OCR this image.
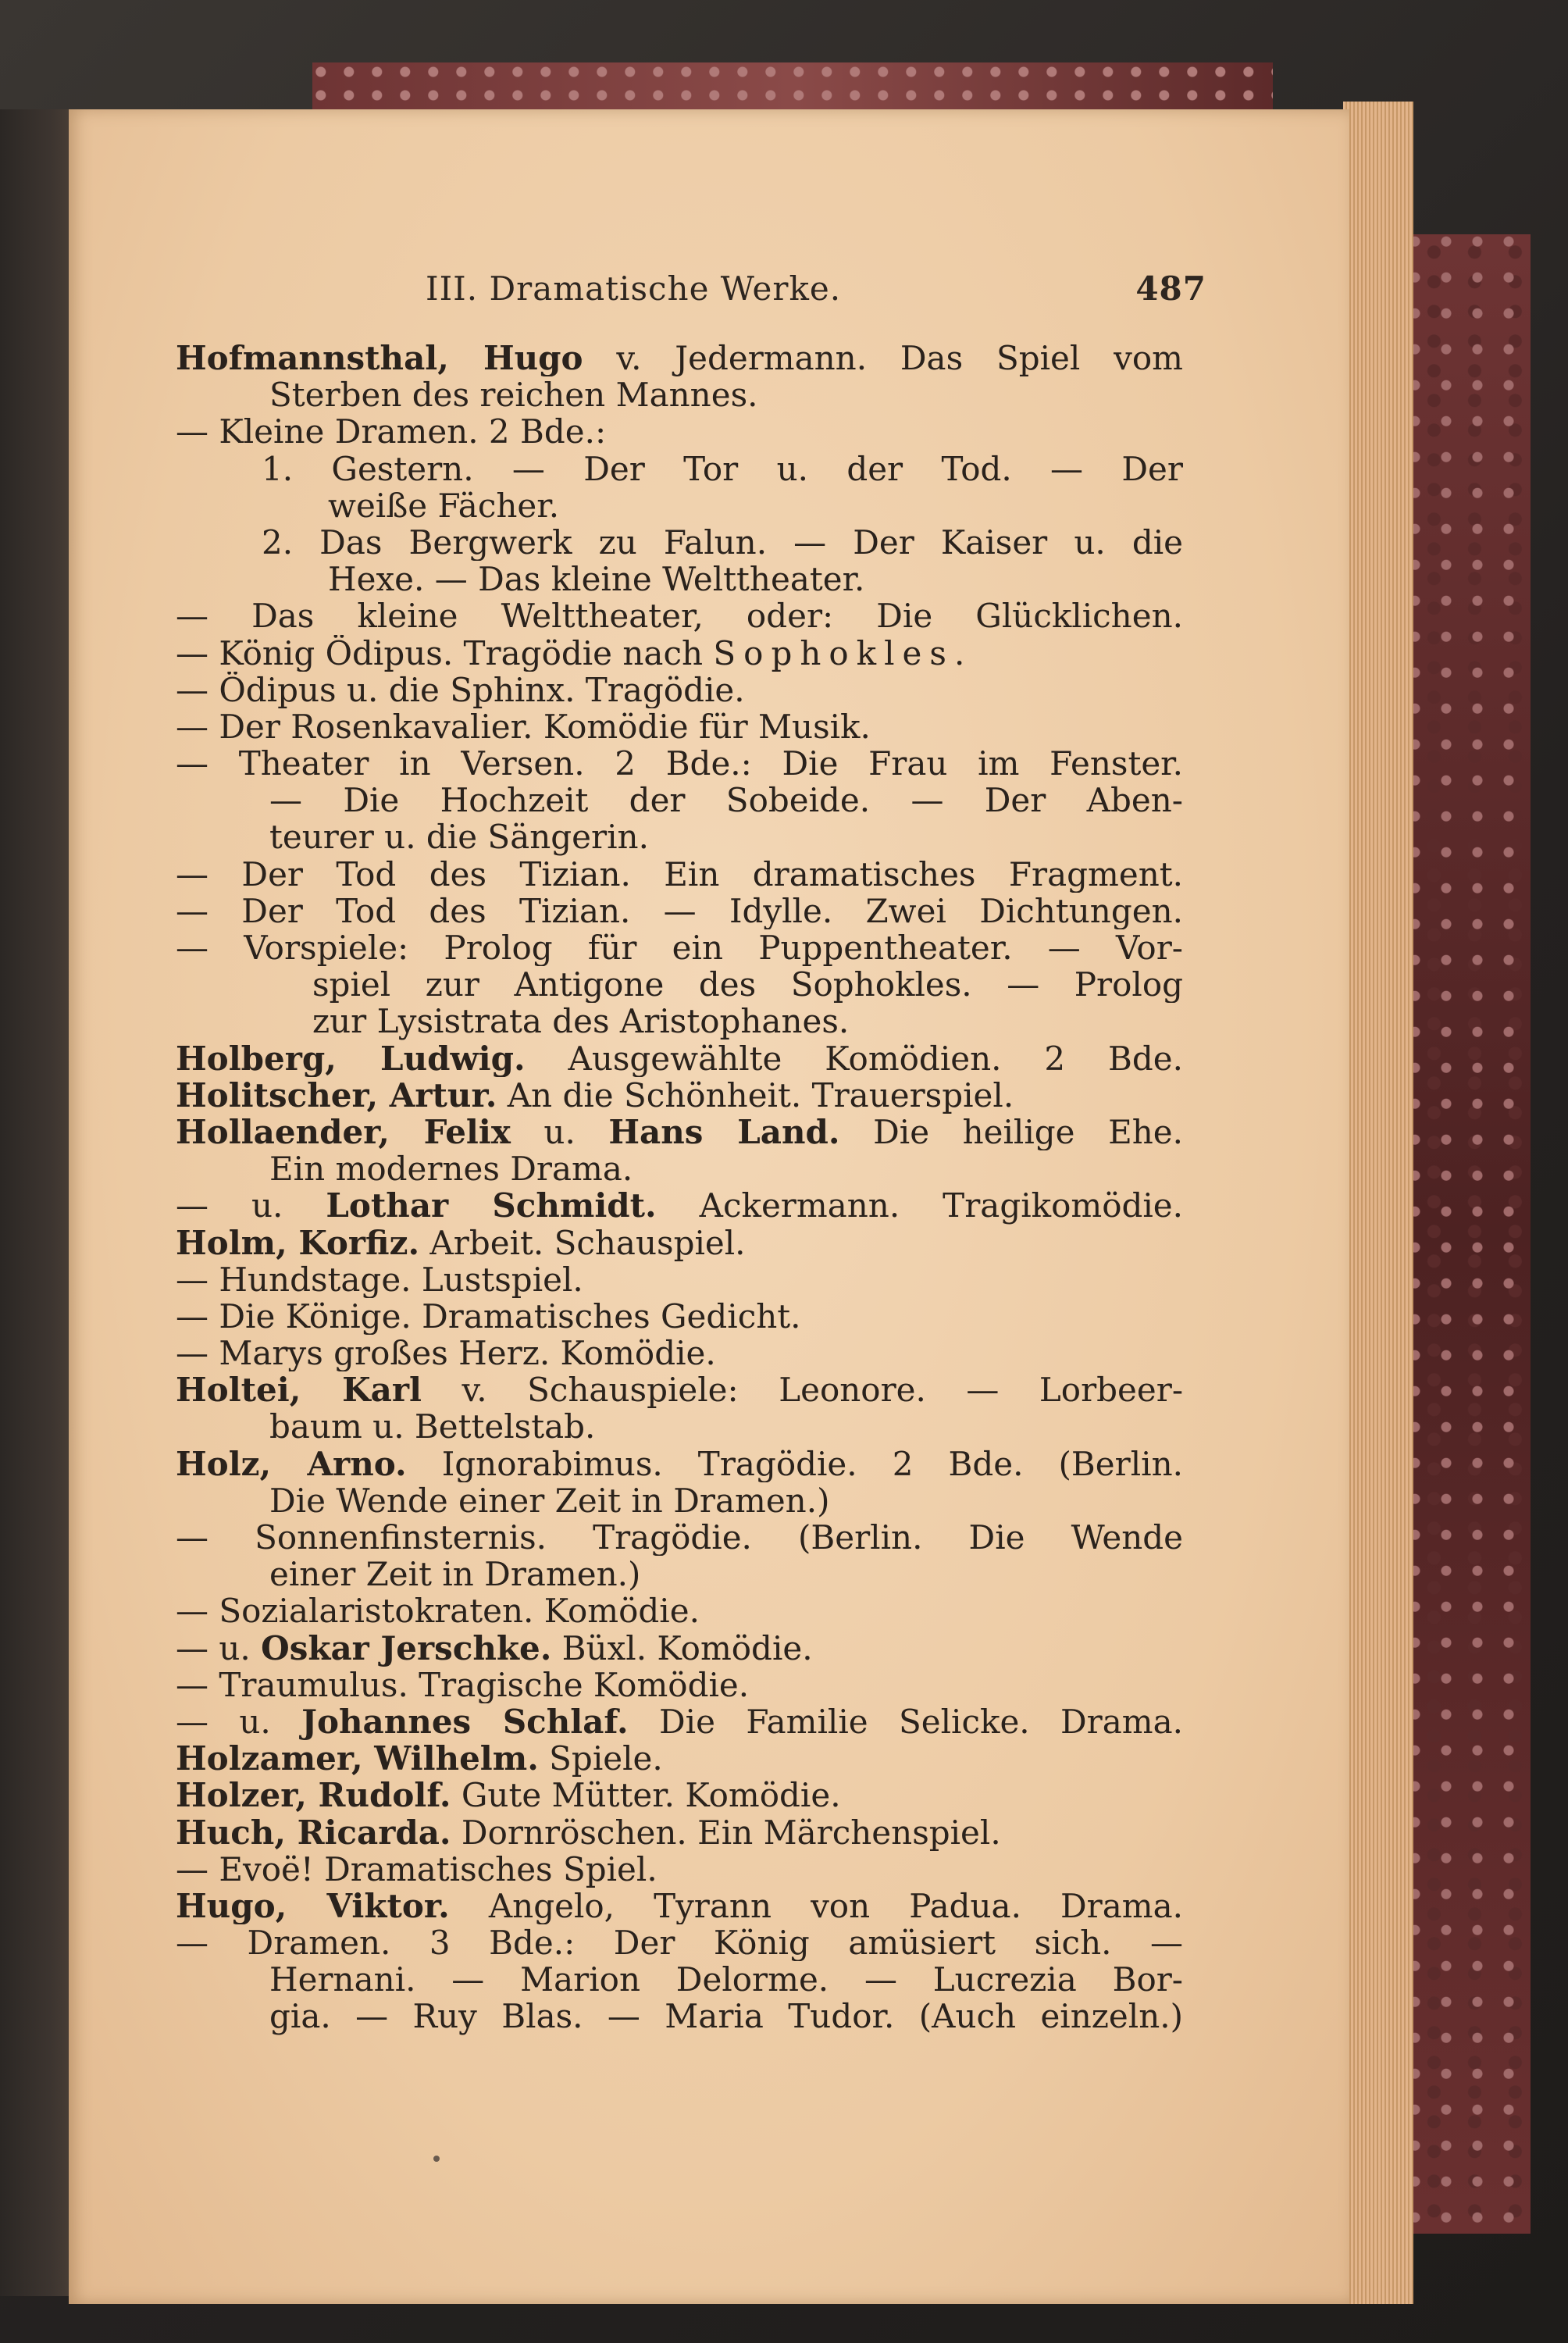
III. Dramatische Werke.	487
Hofmannsthal, Hugo v. Jedermann. Das Spiel vom
Sterben des reichen Mannes.
— Kleine Dramen. 2 Bde.:
1. Gestern. — Der Tor u. der Tod. — Der
weiße Fächer.
2. Das Bergwerk zu Falun. — Der Kaiser u. die
Hexe. — Das kleine Welttheater.
— Das kleine Welttheater, oder: Die Glücklichen.
— König Ödipus. Tragödie nach Sophokles.
— Ödipus u. die Sphinx. Tragödie.
— Der Rosenkavalier. Komödie für Musik.
— Theater in Versen. 2 Bde.: Die Frau im Fenster.
— Die Hochzeit der Sobeide. — Der Aben-
teurer u. die Sängerin.
— Der Tod des Tizian. Ein dramatisches Fragment.
— Der Tod des Tizian. — Idylle. Zwei Dichtungen.
— Vorspiele: Prolog für ein Puppentheater. — Vor-
spiel zur Antigone des Sophokles. — Prolog
zur Lysistrata des Aristophanes.
Holberg, Ludwig. Ausgewählte Komödien. 2 Bde.
Holitscher, Artur. An die Schönheit. Trauerspiel.
Hollaender, Felix u. Hans Land. Die heilige Ehe.
Ein modernes Drama.
— u. Lothar Schmidt. Ackermann. Tragikomödie.
Holm, Korfiz. Arbeit. Schauspiel.
— Hundstage. Lustspiel.
— Die Könige. Dramatisches Gedicht.
— Marys großes Herz. Komödie.
Holtei, Karl v. Schauspiele: Leonore. — Lorbeer-
baum u. Bettelstab.
Holz, Arno. Ignorabimus. Tragödie. 2 Bde. (Berlin.
Die Wende einer Zeit in Dramen.)
— Sonnenfinsternis. Tragödie. (Berlin. Die Wende
einer Zeit in Dramen.)
— Sozialaristokraten. Komödie.
— u. Oskar Jerschke. Büxl. Komödie.
— Traumulus. Tragische Komödie.
— u. Johannes Schlaf. Die Familie Selicke. Drama.
Holzamer, Wilhelm. Spiele.
Holzer, Rudolf. Gute Mütter. Komödie.
Huch, Ricarda. Dornröschen. Ein Märchenspiel.
— Evoë! Dramatisches Spiel.
Hugo, Viktor. Angelo, Tyrann von Padua. Drama.
— Dramen. 3 Bde.: Der König amüsiert sich. —
Hernani. — Marion Delorme. — Lucrezia Bor-
gia. — Ruy Blas. — Maria Tudor. (Auch einzeln.)
